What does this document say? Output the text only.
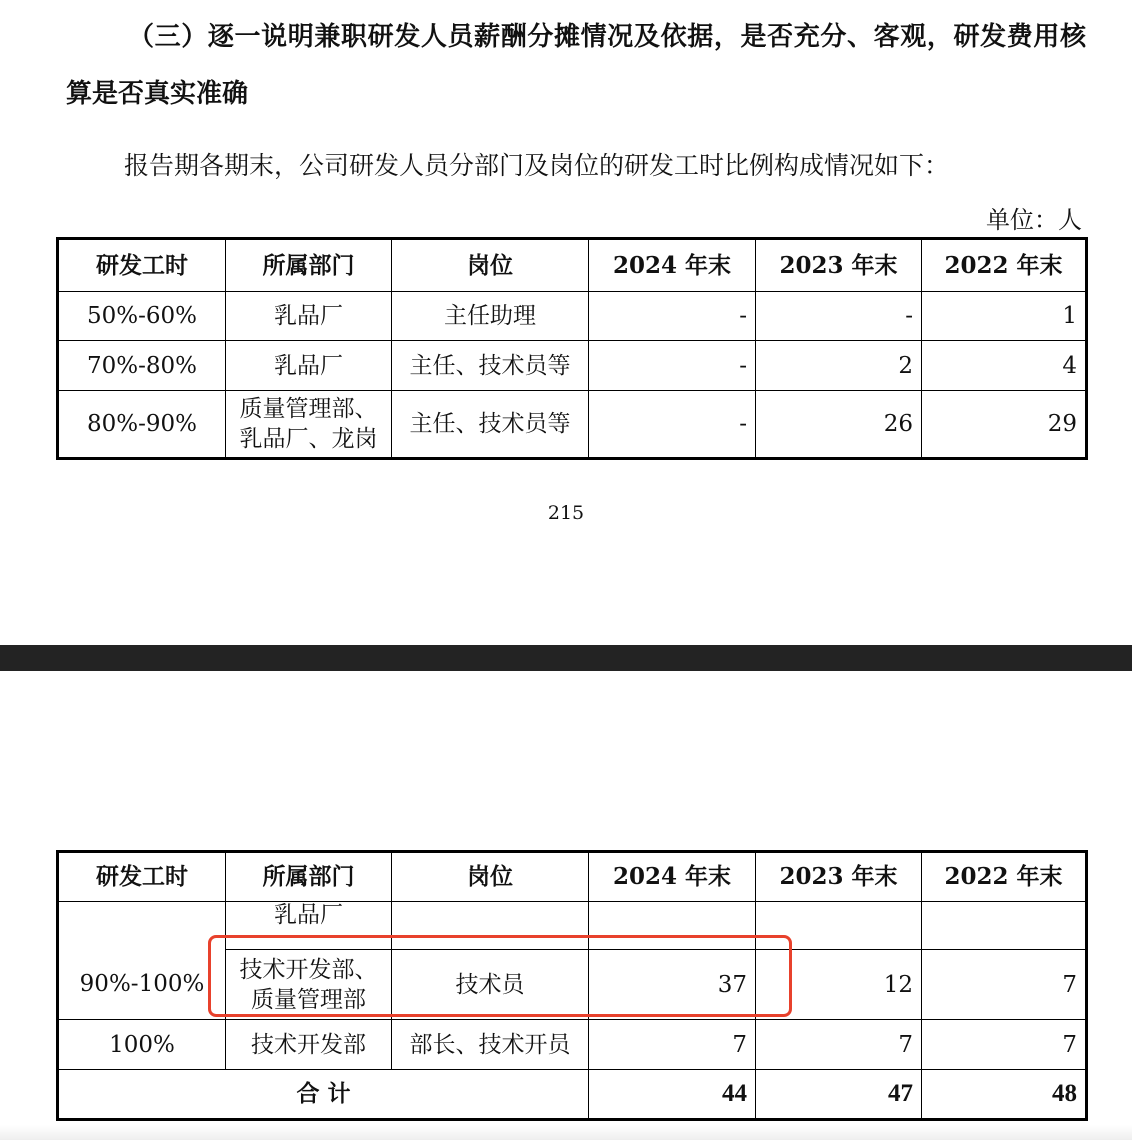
（三）逐一说明兼职研发人员薪酬分摊情况及依据，是否充分、客观，研发费用核算是否真实准确
报告期各期末，公司研发人员分部门及岗位的研发工时比例构成情况如下：
单位：人
研发工时	所属部门	岗位	2024 年末	2023 年末	2022 年末
50%-60%	乳品厂	主任助理	-	-	1
70%-80%	乳品厂	主任、技术员等	-	2	4
80%-90%	质量管理部、乳品厂、龙岗	主任、技术员等	-	26	29
215
研发工时	所属部门	岗位	2024 年末	2023 年末	2022 年末
	乳品厂				
90%-100%	技术开发部、质量管理部	技术员	37	12	7
100%	技术开发部	部长、技术开员	7	7	7
合 计			44	47	48
